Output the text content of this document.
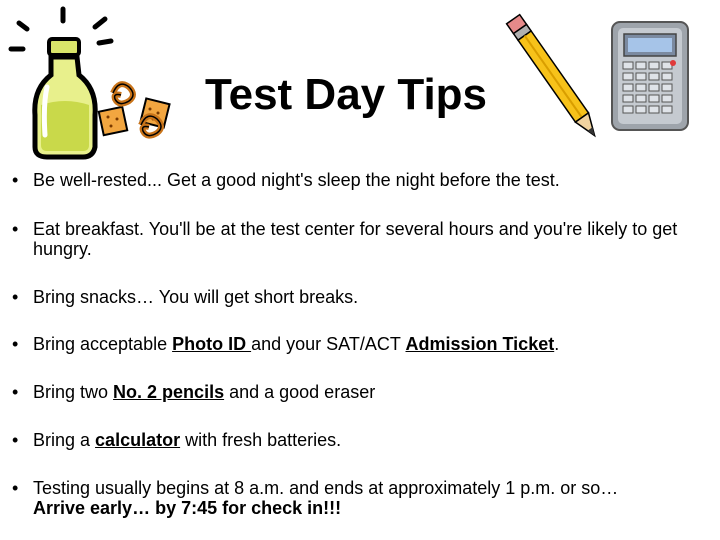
Test Day Tips
• Be well-rested... Get a good night's sleep the night before the test.
• Eat breakfast. You'll be at the test center for several hours and you're likely to get hungry.
• Bring snacks… You will get short breaks.
• Bring acceptable Photo ID and your SAT/ACT Admission Ticket.
• Bring two No. 2 pencils and a good eraser
• Bring a calculator with fresh batteries.
• Testing usually begins at 8 a.m. and ends at approximately 1 p.m. or so…
Arrive early… by 7:45 for check in!!!
